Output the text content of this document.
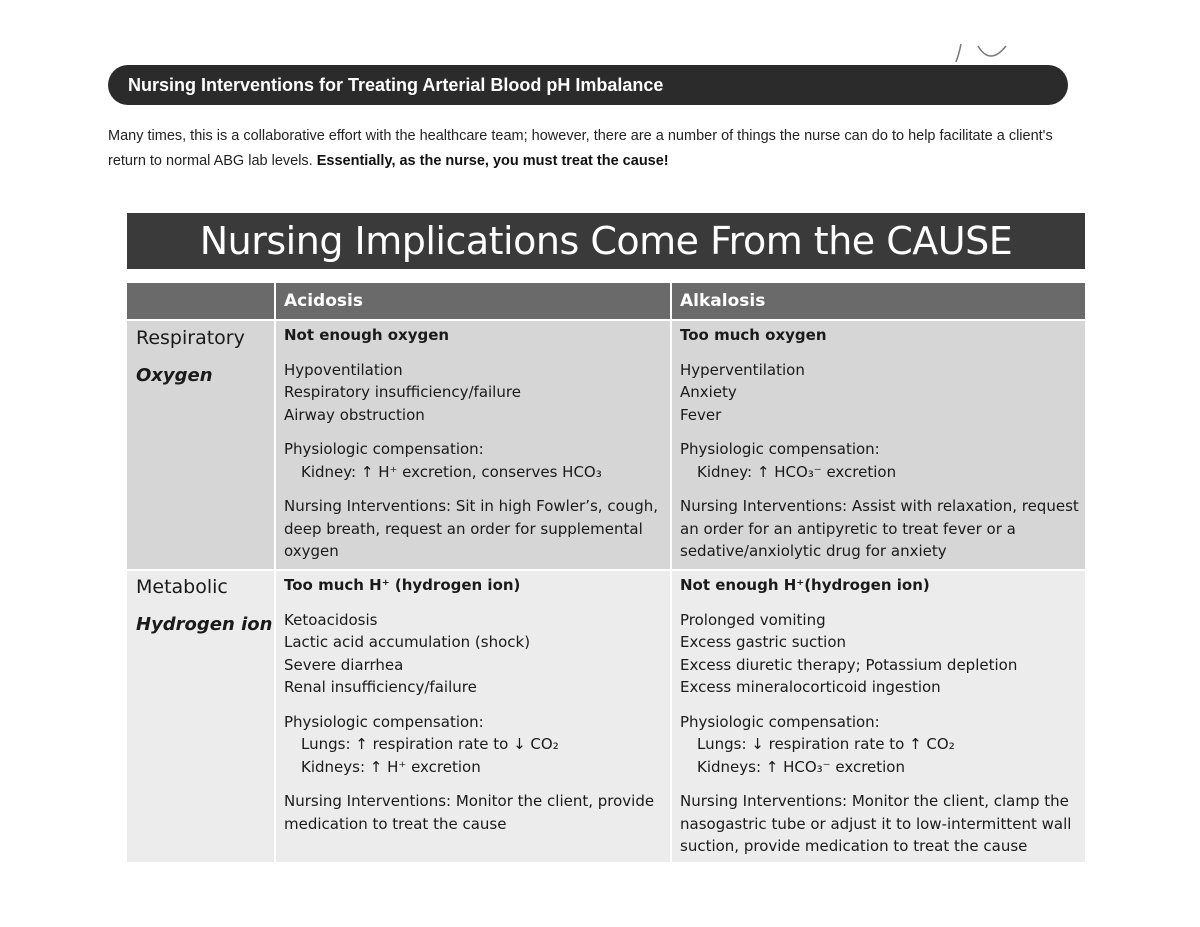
Nursing Interventions for Treating Arterial Blood pH Imbalance

Many times, this is a collaborative effort with the healthcare team; however, there are a number of things the nurse can do to help facilitate a client's return to normal ABG lab levels. Essentially, as the nurse, you must treat the cause!

Nursing Implications Come From the CAUSE
Acidosis	Alkalosis
Respiratory
Oxygen
Not enough oxygen
Hypoventilation
Respiratory insufficiency/failure
Airway obstruction
Physiologic compensation:
Kidney: ↑ H⁺ excretion, conserves HCO₃
Nursing Interventions: Sit in high Fowler’s, cough, deep breath, request an order for supplemental oxygen
Too much oxygen
Hyperventilation
Anxiety
Fever
Physiologic compensation:
Kidney: ↑ HCO₃⁻ excretion
Nursing Interventions: Assist with relaxation, request an order for an antipyretic to treat fever or a sedative/anxiolytic drug for anxiety
Metabolic
Hydrogen ion
Too much H⁺ (hydrogen ion)
Ketoacidosis
Lactic acid accumulation (shock)
Severe diarrhea
Renal insufficiency/failure
Physiologic compensation:
Lungs: ↑ respiration rate to ↓ CO₂
Kidneys: ↑ H⁺ excretion
Nursing Interventions: Monitor the client, provide medication to treat the cause
Not enough H⁺(hydrogen ion)
Prolonged vomiting
Excess gastric suction
Excess diuretic therapy; Potassium depletion
Excess mineralocorticoid ingestion
Physiologic compensation:
Lungs: ↓ respiration rate to ↑ CO₂
Kidneys: ↑ HCO₃⁻ excretion
Nursing Interventions: Monitor the client, clamp the nasogastric tube or adjust it to low-intermittent wall suction, provide medication to treat the cause
